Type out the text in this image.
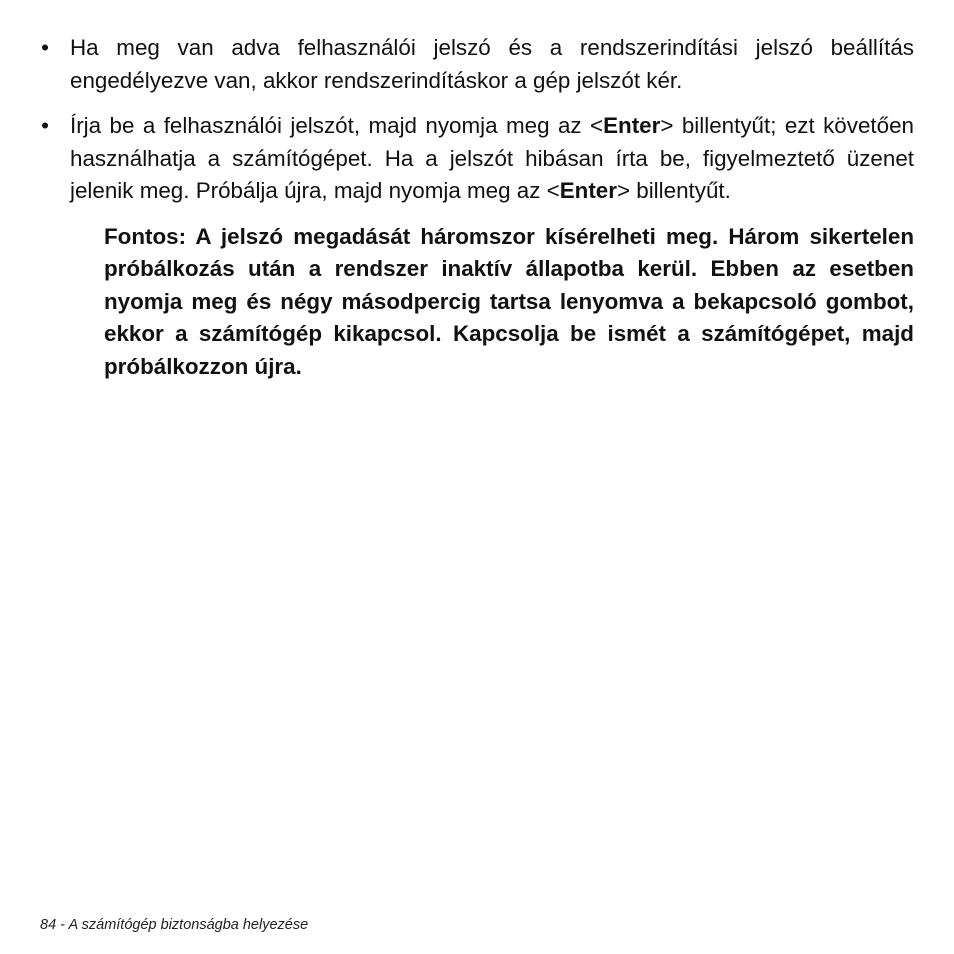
• Ha meg van adva felhasználói jelszó és a rendszerindítási jelszó beállítás engedélyezve van, akkor rendszerindításkor a gép jelszót kér.

• Írja be a felhasználói jelszót, majd nyomja meg az <Enter> billentyűt; ezt követően használhatja a számítógépet. Ha a jelszót hibásan írta be, figyelmeztető üzenet jelenik meg. Próbálja újra, majd nyomja meg az <Enter> billentyűt.

Fontos: A jelszó megadását háromszor kísérelheti meg. Három sikertelen próbálkozás után a rendszer inaktív állapotba kerül. Ebben az esetben nyomja meg és négy másodpercig tartsa lenyomva a bekapcsoló gombot, ekkor a számítógép kikapcsol. Kapcsolja be ismét a számítógépet, majd próbálkozzon újra.

84 - A számítógép biztonságba helyezése
